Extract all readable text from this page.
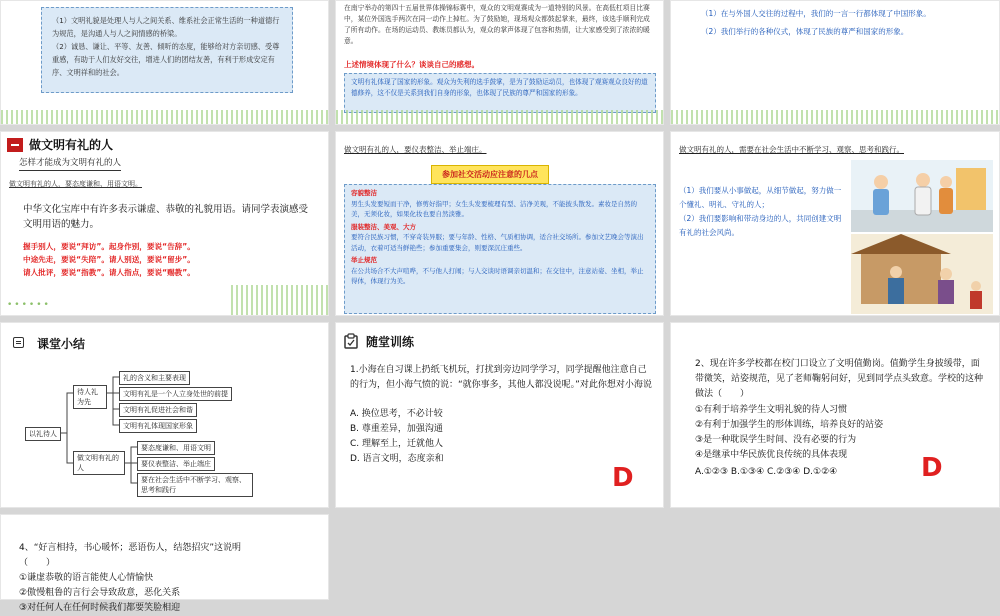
（1）文明礼貌是处理人与人之间关系、维系社会正常生活的一种道德行为规范，是沟通人与人之间情感的桥梁。
（2）诚恳、谦让、平等、友善、倾听的态度，能够给对方亲切感、受尊重感，有助于人们友好交往，增进人们的团结友善，有利于形成安定有序、文明祥和的社会。
在南宁举办的第四十五届世界体操锦标赛中，观众的文明观赛成为一道特别的风景。在高低杠项目比赛中，某位外国选手两次在同一动作上掉杠。为了鼓励她，现场观众都鼓起掌来，最终，该选手顺利完成了所有动作。在场的运动员、教练员都认为，观众的掌声体现了包容和热情，让大家感受到了浓浓的暖意。
上述情境体现了什么？谈谈自己的感想。
文明有礼体现了国家的形象。观众为失利的选手鼓掌，是为了鼓励运动员，也体现了观赛观众良好的道德修养，这不仅是关系到我们自身的形象，也体现了民族的尊严和国家的形象。
（1）在与外国人交往的过程中，我们的一言一行都体现了中国形象。
（2）我们举行的各种仪式，体现了民族的尊严和国家的形象。
做文明有礼的人
怎样才能成为文明有礼的人
做文明有礼的人，要态度谦和、用语文明。
中华文化宝库中有许多表示谦虚、恭敬的礼貌用语。请同学表演感受文明用语的魅力。
握手别人，要说“拜访”。起身作别，要说“告辞”。
中途先走，要说“失陪”。请人别送，要说“留步”。
请人批评，要说“指教”。请人指点，要说“赐教”。
••••••
做文明有礼的人，要仪表整洁、举止端庄。
参加社交活动应注意的几点
容貌整洁
男生头发要短而干净，修剪好指甲；女生头发要梳理有型、洁净美观，不能披头散发。素妆是自然的美，无须化妆，如果化妆也要自然淡雅。
服装整洁、美观、大方
要符合民族习惯，不穿奇装异服；要与年龄、性格、气质相协调，适合社交场所。参加文艺晚会等演出活动，衣着可适当鲜艳些；参加重要集会，则要深沉庄重些。
举止规范
在公共场合不大声喧哗，不与他人打闹；与人交谈时语调亲切温和；在交往中，注意站姿、坐相，举止得体，体现行为美。
做文明有礼的人，需要在社会生活中不断学习、观察、思考和践行。
（1）我们要从小事做起，从细节做起，努力做一个懂礼、明礼、守礼的人；
（2）我们要影响和带动身边的人，共同创建文明有礼的社会风尚。
课堂小结
以礼待人
待人礼为先
礼的含义和主要表现
文明有礼是一个人立身处世的前提
文明有礼促进社会和谐
文明有礼体现国家形象
做文明有礼的人
要态度谦和、用语文明
要仪表整洁、举止端庄
要在社会生活中不断学习、观察、思考和践行
随堂训练
1.小海在自习课上扔纸飞机玩，打扰到旁边同学学习，同学提醒他注意自己的行为，但小海气愤的说：“就你事多，其他人都没说呢。”对此你想对小海说
A. 换位思考，不必计较
B. 尊重差异，加强沟通
C. 理解至上，迁就他人
D. 语言文明，态度亲和
D
2、现在许多学校都在校门口设立了文明值勤岗。值勤学生身披缓带，面带微笑，站姿规范，见了老师鞠躬问好，见到同学点头致意。学校的这种做法（　　）
①有利于培养学生文明礼貌的待人习惯
②有利于加强学生的形体训练，培养良好的站姿
③是一种耽误学生时间、没有必要的行为
④是继承中华民族优良传统的具体表现
A.①②③ B.①③④ C.②③④ D.①②④	D
4、“好言相持，书心暖怀；恶语伤人，结怨招灾”这说明（　　）
①谦虚恭敬的语言能使人心情愉快
②傲慢粗鲁的言行会导致敌意，恶化关系
③对任何人在任何时候我们都要笑脸相迎
